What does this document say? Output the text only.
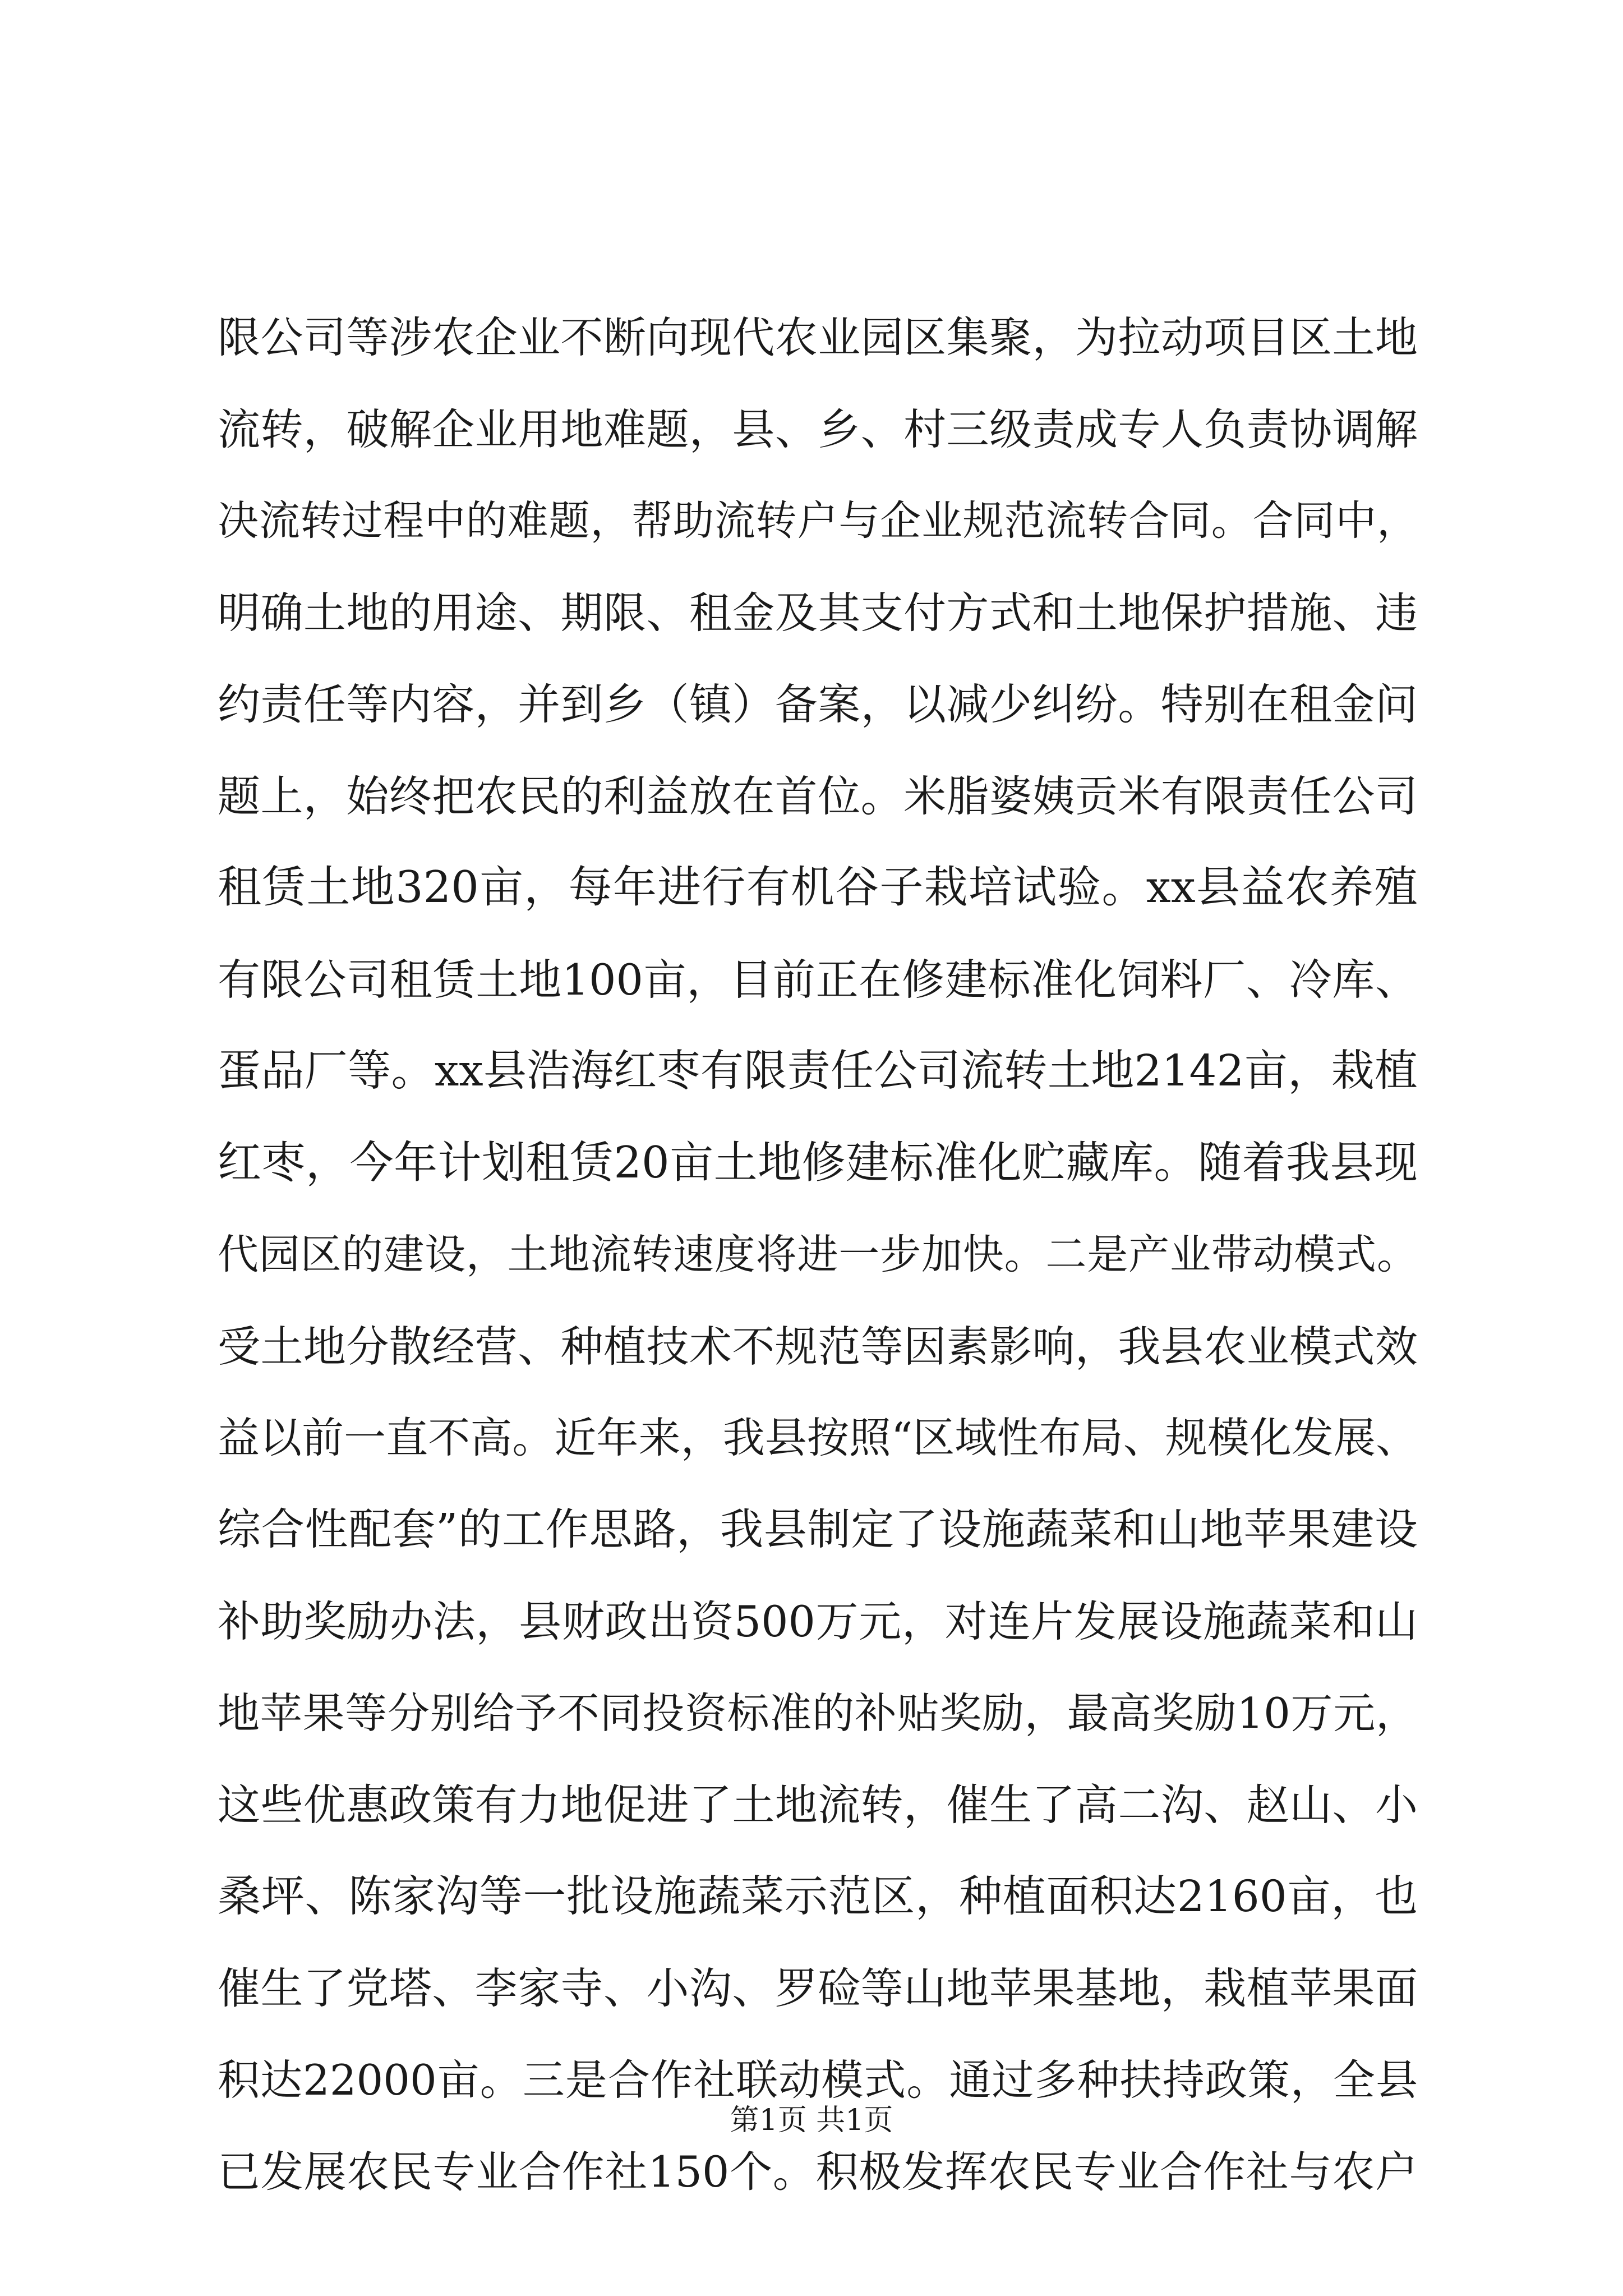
限公司等涉农企业不断向现代农业园区集聚，为拉动项目区土地
流转，破解企业用地难题，县、乡、村三级责成专人负责协调解
决流转过程中的难题，帮助流转户与企业规范流转合同。合同中，
明确土地的用途、期限、租金及其支付方式和土地保护措施、违
约责任等内容，并到乡（镇）备案，以减少纠纷。特别在租金问
题上，始终把农民的利益放在首位。米脂婆姨贡米有限责任公司
租赁土地320亩，每年进行有机谷子栽培试验。xx县益农养殖
有限公司租赁土地100亩，目前正在修建标准化饲料厂、冷库、
蛋品厂等。xx县浩海红枣有限责任公司流转土地2142亩，栽植
红枣，今年计划租赁20亩土地修建标准化贮藏库。随着我县现
代园区的建设，土地流转速度将进一步加快。二是产业带动模式。
受土地分散经营、种植技术不规范等因素影响，我县农业模式效
益以前一直不高。近年来，我县按照“区域性布局、规模化发展、
综合性配套”的工作思路，我县制定了设施蔬菜和山地苹果建设
补助奖励办法，县财政出资500万元，对连片发展设施蔬菜和山
地苹果等分别给予不同投资标准的补贴奖励，最高奖励10万元，
这些优惠政策有力地促进了土地流转，催生了高二沟、赵山、小
桑坪、陈家沟等一批设施蔬菜示范区，种植面积达2160亩，也
催生了党塔、李家寺、小沟、罗硷等山地苹果基地，栽植苹果面
积达22000亩。三是合作社联动模式。通过多种扶持政策，全县
已发展农民专业合作社150个。积极发挥农民专业合作社与农户
第1页 共1页
